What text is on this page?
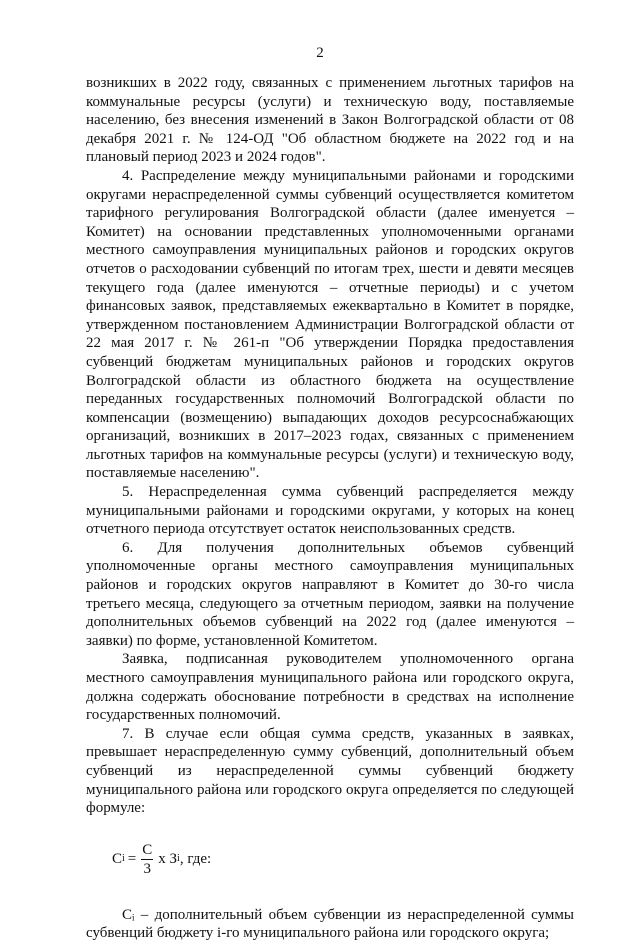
2

возникших в 2022 году, связанных с применением льготных тарифов на коммунальные ресурсы (услуги) и техническую воду, поставляемые населению, без внесения изменений в Закон Волгоградской области от 08 декабря 2021 г. № 124-ОД "Об областном бюджете на 2022 год и на плановый период 2023 и 2024 годов".

4. Распределение между муниципальными районами и городскими округами нераспределенной суммы субвенций осуществляется комитетом тарифного регулирования Волгоградской области (далее именуется – Комитет) на основании представленных уполномоченными органами местного самоуправления муниципальных районов и городских округов отчетов о расходовании субвенций по итогам трех, шести и девяти месяцев текущего года (далее именуются – отчетные периоды) и с учетом финансовых заявок, представляемых ежеквартально в Комитет в порядке, утвержденном постановлением Администрации Волгоградской области от 22 мая 2017 г. № 261-п "Об утверждении Порядка предоставления субвенций бюджетам муниципальных районов и городских округов Волгоградской области из областного бюджета на осуществление переданных государственных полномочий Волгоградской области по компенсации (возмещению) выпадающих доходов ресурсоснабжающих организаций, возникших в 2017–2023 годах, связанных с применением льготных тарифов на коммунальные ресурсы (услуги) и техническую воду, поставляемые населению".

5. Нераспределенная сумма субвенций распределяется между муниципальными районами и городскими округами, у которых на конец отчетного периода отсутствует остаток неиспользованных средств.

6. Для получения дополнительных объемов субвенций уполномоченные органы местного самоуправления муниципальных районов и городских округов направляют в Комитет до 30-го числа третьего месяца, следующего за отчетным периодом, заявки на получение дополнительных объемов субвенций на 2022 год (далее именуются – заявки) по форме, установленной Комитетом.

Заявка, подписанная руководителем уполномоченного органа местного самоуправления муниципального района или городского округа, должна содержать обоснование потребности в средствах на исполнение государственных полномочий.

7. В случае если общая сумма средств, указанных в заявках, превышает нераспределенную сумму субвенций, дополнительный объем субвенций из нераспределенной суммы субвенций бюджету муниципального района или городского округа определяется по следующей формуле:

C $i = \frac{C}{3}$ x З i , где:

Cᵢ – дополнительный объем субвенции из нераспределенной суммы субвенций бюджету i-го муниципального района или городского округа;
